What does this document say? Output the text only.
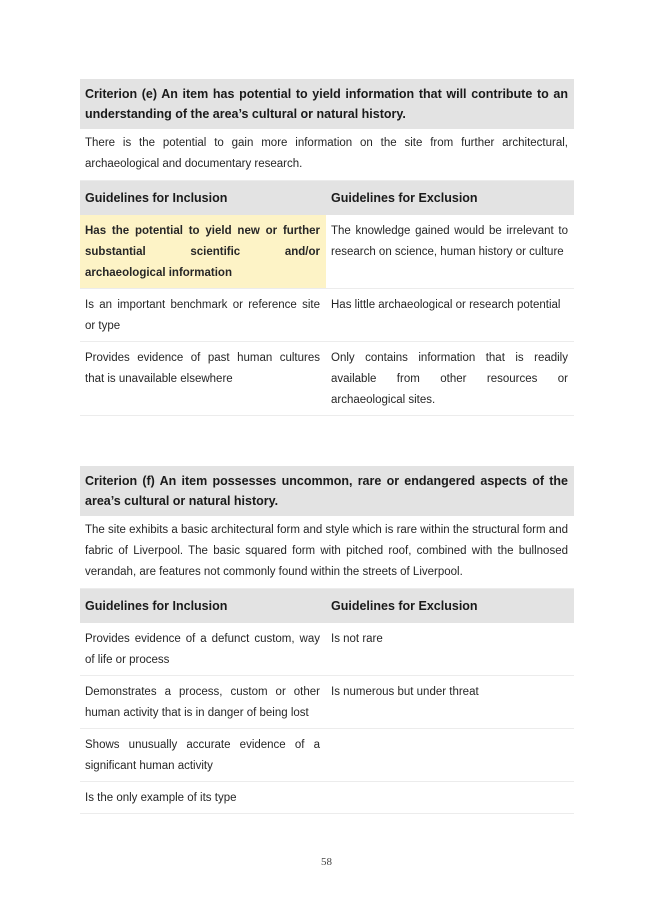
Criterion (e) An item has potential to yield information that will contribute to an understanding of the area’s cultural or natural history.
There is the potential to gain more information on the site from further architectural, archaeological and documentary research.
Guidelines for Inclusion	Guidelines for Exclusion
Has the potential to yield new or further substantial scientific and/or archaeological information	The knowledge gained would be irrelevant to research on science, human history or culture
Is an important benchmark or reference site or type	Has little archaeological or research potential
Provides evidence of past human cultures that is unavailable elsewhere	Only contains information that is readily available from other resources or archaeological sites.
Criterion (f) An item possesses uncommon, rare or endangered aspects of the area’s cultural or natural history.
The site exhibits a basic architectural form and style which is rare within the structural form and fabric of Liverpool. The basic squared form with pitched roof, combined with the bullnosed verandah, are features not commonly found within the streets of Liverpool.
Guidelines for Inclusion	Guidelines for Exclusion
Provides evidence of a defunct custom, way of life or process	Is not rare
Demonstrates a process, custom or other human activity that is in danger of being lost	Is numerous but under threat
Shows unusually accurate evidence of a significant human activity	
Is the only example of its type	
58
